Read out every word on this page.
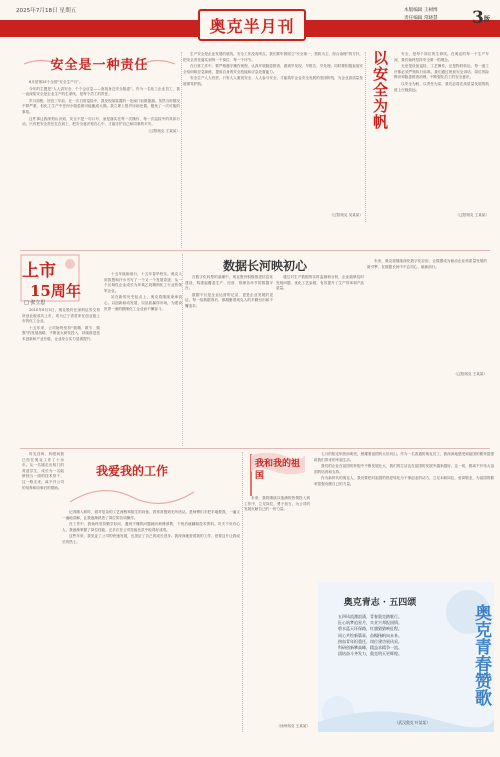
2025年7月18日 星期五
奥克半月刊
本版编辑 王树博
责任编辑 常晓慧 3 版
安全是一种责任

6月是第24个全国“安全生产月”。

今年的主题是“人人讲安全，个个会应急——查找身边安全隐患”。作为一名化工企业员工，我一直深知安全是企业生产的生命线，是每个员工的责任。

岁月如梭，回首三年前，在一次日常巡检中，我发现某装置的一处阀门轻微泄漏。虽然当时情况不算严重，但化工生产中任何小隐患都可能酿成大祸。我立即上报并协助处置，避免了一次可能的事故。

这件事让我深刻认识到，安全不是一句口号，而是落实在每一次操作、每一次巡检中的具体行动。只有把安全责任扛在肩上，把安全意识刻在心中，才能守护自己和同事的平安。

（辽阳奥克 王某某）

生产安全是企业发展的底线，安全工作没有终点。我们要牢固树立“安全第一、预防为主、综合治理”的方针，把安全责任落实到每一个岗位、每一个环节。

在日常工作中，要严格遵守操作规程，认真开展隐患排查，做到早发现、早报告、早处理。同时要积极参加安全培训和应急演练，提高自身的安全技能和应急处置能力。

安全生产人人有责，只有人人重视安全、人人参与安全，才能筑牢企业安全发展的坚固防线，为企业高质量发展保驾护航。

（辽阳奥克 吴某某）
以安全为帆	安全，是每个岗位的生命线。在奥克的每一个生产车间，我们始终坚持安全第一的理念。

无论是设备巡检、工艺操作，还是物料转运，每一道工序都必须严格执行标准。我们通过班前安全讲话、岗位风险辨识和隐患排查治理，不断强化员工的安全意识。

以安全为帆，以责任为桨，我们必将在高质量发展的航道上行稳致远。

（辽阳奥克 王某某）
上市
15周年
□ 张立思

2010年6月3日，奥克股份在深圳证券交易所创业板成功上市，成为辽宁省首家在创业板上市的化工企业。

十五年来，公司始终坚持“做精、做专、做强”的发展战略，不断加大研发投入，持续推进技术创新和产业升级，企业综合实力显著提升。

十五年砥砺前行，十五年春华秋实。奥克人用智慧和汗水书写了一个又一个发展奇迹，从一个区域性企业成长为环氧乙烷精细化工行业的领军企业。

站在新的历史起点上，奥克将继续秉承初心，以创新驱动发展，以品质赢得市场，为建设世界一流的精细化工企业而不懈奋斗。

数据长河映初心

在数字化转型的浪潮中，奥克股份积极推进信息化建设，构建起覆盖生产、经营、管理各环节的数据平台。

数据不仅是企业运营的记录，更是企业发展的见证。每一组数据背后，都凝聚着奥克人的辛勤付出和不懈追求。

通过对生产数据的实时监测和分析，企业能够及时发现问题、优化工艺参数，有效提升了生产效率和产品质量。

未来，奥克将继续深化数字化应用，让数据成为驱动企业高质量发展的新引擎，在数据长河中不忘初心、砥砺前行。

（辽阳奥克 王某某）
我爱我的工作

时光荏苒，转眼间我已经在奥克工作了十余年。从一名刚走出校门的青涩学生，成长为一名能够独当一面的技术骨干，这一路走来，离不开公司的培养和同事们的帮助。

记得刚入职时，面对复杂的工艺流程和陌生的设备，我常常感到无所适从。是师傅们手把手地教我，一遍又一遍地讲解，让我逐渐熟悉了岗位的各项操作。

在工作中，我始终坚持勤学好问，遇到不懂的问题就向师傅请教，下班后就翻阅技术资料。功夫不负有心人，我逐渐掌握了岗位技能，还多次在公司技能比武中取得好成绩。

这些年来，我见证了公司的快速发展，也见证了自己的成长进步。我深深地爱着我的工作，爱着这片让我成长的热土。

未来，我将继续以饱满的热情投入到工作中，立足岗位，勇于担当，为公司的发展贡献自己的一份力量。

（扬州奥克 王某某）
我和我的祖国

七月的阳光炽热而明亮，照耀着祖国的大好河山。作为一名普通的奥克员工，我深深地感受到祖国的繁荣富强给我们带来的幸福生活。

我们的企业在祖国的怀抱中不断发展壮大，我们的生活也在祖国的发展中越来越好。这一切，都离不开伟大祖国的培育和支持。

作为新时代的奥克人，我们要把对祖国的热爱转化为干事创业的动力，立足本职岗位，爱岗敬业，为祖国的繁荣富强贡献自己的力量。

奥克青志 · 五四颂
五四风流激浪涌，青春奥克踏歌行。
匠心筑梦追星月，实业兴邦报国情。
碧水蓝天环保路，红旗猎猎映征程。
同心共绘新篇章，奋楫扬帆向未来。
热血青年担重任，岗位建功展风采。
科研创新攀高峰，精益求精争一流。
团结奋斗齐发力，奥克明天更辉煌。	奥克青春赞歌
（武汉奥克 叶某某）
